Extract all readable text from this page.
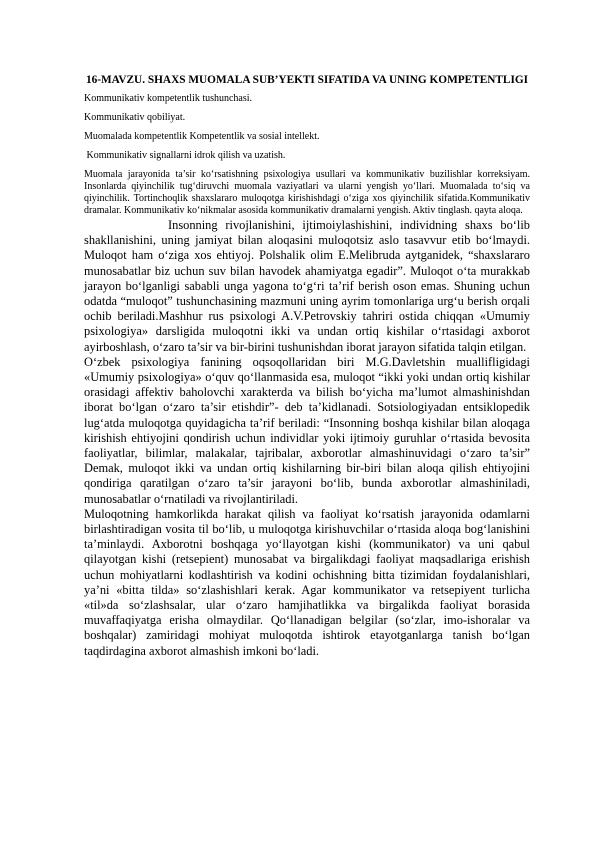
16-MAVZU. SHAXS MUOMALA SUB’YEKTI SIFATIDA VA UNING KOMPETENTLIGI
Kommunikativ kompetentlik tushunchasi.
Kommunikativ qobiliyat.
Muomalada kompetentlik Kompetentlik va sosial intellekt.
Kommunikativ signallarni idrok qilish va uzatish.

Muomala jarayonida ta’sir ko‘rsatishning psixologiya usullari va kommunikativ buzilishlar korreksiyam. Insonlarda qiyinchilik tug‘diruvchi muomala vaziyatlari va ularni yengish yo‘llari. Muomalada to‘siq va qiyinchilik. Tortinchoqlik shaxslararo muloqotga kirishishdagi o‘ziga xos qiyinchilik sifatida.Kommunikativ dramalar. Kommunikativ ko‘nikmalar asosida kommunikativ dramalarni yengish. Aktiv tinglash. qayta aloqa.

Insonning rivojlanishini, ijtimoiylashishini, individning shaxs bo‘lib shakllanishini, uning jamiyat bilan aloqasini muloqotsiz aslo tasavvur etib bo‘lmaydi. Muloqot ham o‘ziga xos ehtiyoj. Polshalik olim E.Melibruda aytganidek, “shaxslararo munosabatlar biz uchun suv bilan havodek ahamiyatga egadir”. Muloqot o‘ta murakkab jarayon bo‘lganligi sababli unga yagona to‘g‘ri ta’rif berish oson emas. Shuning uchun odatda “muloqot” tushunchasining mazmuni uning ayrim tomonlariga urg‘u berish orqali ochib beriladi.Mashhur rus psixologi A.V.Petrovskiy tahriri ostida chiqqan «Umumiy psixologiya» darsligida muloqotni ikki va undan ortiq kishilar o‘rtasidagi axborot ayirboshlash, o‘zaro ta’sir va bir-birini tushunishdan iborat jarayon sifatida talqin etilgan.

O‘zbek psixologiya fanining oqsoqollaridan biri M.G.Davletshin muallifligidagi «Umumiy psixologiya» o‘quv qo‘llanmasida esa, muloqot “ikki yoki undan ortiq kishilar orasidagi affektiv baholovchi xarakterda va bilish bo‘yicha ma’lumot almashinishdan iborat bo‘lgan o‘zaro ta’sir etishdir”- deb ta’kidlanadi. Sotsiologiyadan entsiklopedik lug‘atda muloqotga quyidagicha ta’rif beriladi: “Insonning boshqa kishilar bilan aloqaga kirishish ehtiyojini qondirish uchun individlar yoki ijtimoiy guruhlar o‘rtasida bevosita faoliyatlar, bilimlar, malakalar, tajribalar, axborotlar almashinuvidagi o‘zaro ta’sir” Demak, muloqot ikki va undan ortiq kishilarning bir-biri bilan aloqa qilish ehtiyojini qondiriga qaratilgan o‘zaro ta’sir jarayoni bo‘lib, bunda axborotlar almashiniladi, munosabatlar o‘rnatiladi va rivojlantiriladi.

Muloqotning hamkorlikda harakat qilish va faoliyat ko‘rsatish jarayonida odamlarni birlashtiradigan vosita til bo‘lib, u muloqotga kirishuvchilar o‘rtasida aloqa bog‘lanishini ta’minlaydi. Axborotni boshqaga yo‘llayotgan kishi (kommunikator) va uni qabul qilayotgan kishi (retsepient) munosabat va birgalikdagi faoliyat maqsadlariga erishish uchun mohiyatlarni kodlashtirish va kodini ochishning bitta tizimidan foydalanishlari, ya’ni «bitta tilda» so‘zlashishlari kerak. Agar kommunikator va retsepiyent turlicha «til»da so‘zlashsalar, ular o‘zaro hamjihatlikka va birgalikda faoliyat borasida muvaffaqiyatga erisha olmaydilar. Qo‘llanadigan belgilar (so‘zlar, imo-ishoralar va boshqalar) zamiridagi mohiyat muloqotda ishtirok etayotganlarga tanish bo‘lgan taqdirdagina axborot almashish imkoni bo‘ladi.
